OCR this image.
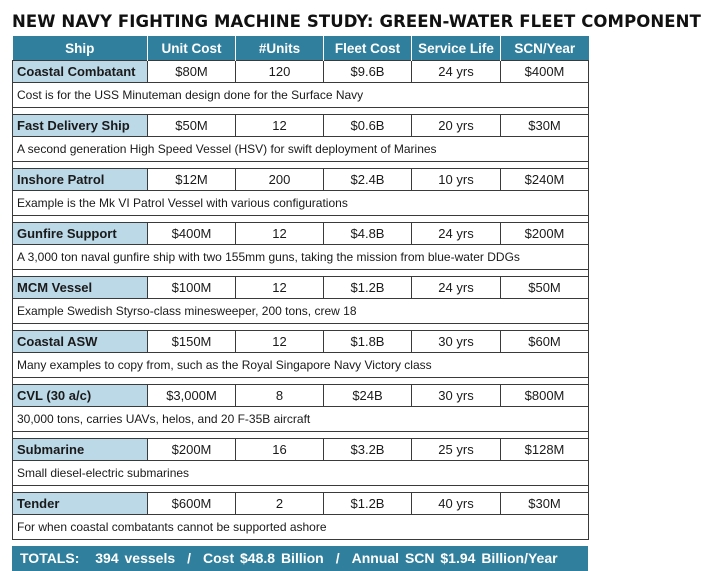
NEW NAVY FIGHTING MACHINE STUDY: GREEN-WATER FLEET COMPONENT
Ship	Unit Cost	#Units	Fleet Cost	Service Life	SCN/Year
Coastal Combatant	$80M	120	$9.6B	24 yrs	$400M
Cost is for the USS Minuteman design done for the Surface Navy					

Fast Delivery Ship	$50M	12	$0.6B	20 yrs	$30M
A second generation High Speed Vessel (HSV) for swift deployment of Marines					

Inshore Patrol	$12M	200	$2.4B	10 yrs	$240M
Example is the Mk VI Patrol Vessel with various configurations					

Gunfire Support	$400M	12	$4.8B	24 yrs	$200M
A 3,000 ton naval gunfire ship with two 155mm guns, taking the mission from blue-water DDGs					

MCM Vessel	$100M	12	$1.2B	24 yrs	$50M
Example Swedish Styrso-class minesweeper, 200 tons, crew 18					

Coastal ASW	$150M	12	$1.8B	30 yrs	$60M
Many examples to copy from, such as the Royal Singapore Navy Victory class					

CVL (30 a/c)	$3,000M	8	$24B	30 yrs	$800M
30,000 tons, carries UAVs, helos, and 20 F-35B aircraft					

Submarine	$200M	16	$3.2B	25 yrs	$128M
Small diesel-electric submarines					

Tender	$600M	2	$1.2B	40 yrs	$30M
For when coastal combatants cannot be supported ashore					
TOTALS: 394 vessels / Cost $48.8 Billion / Annual SCN $1.94 Billion/Year
